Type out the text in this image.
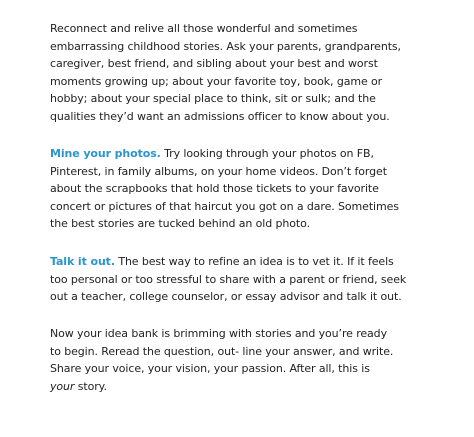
Reconnect and relive all those wonderful and sometimes
embarrassing childhood stories. Ask your parents, grandparents,
caregiver, best friend, and sibling about your best and worst
moments growing up; about your favorite toy, book, game or
hobby; about your special place to think, sit or sulk; and the
qualities they’d want an admissions officer to know about you.

Mine your photos. Try looking through your photos on FB,
Pinterest, in family albums, on your home videos. Don’t forget
about the scrapbooks that hold those tickets to your favorite
concert or pictures of that haircut you got on a dare. Sometimes
the best stories are tucked behind an old photo.

Talk it out. The best way to refine an idea is to vet it. If it feels
too personal or too stressful to share with a parent or friend, seek
out a teacher, college counselor, or essay advisor and talk it out.

Now your idea bank is brimming with stories and you’re ready
to begin. Reread the question, out- line your answer, and write.
Share your voice, your vision, your passion. After all, this is
your story.
